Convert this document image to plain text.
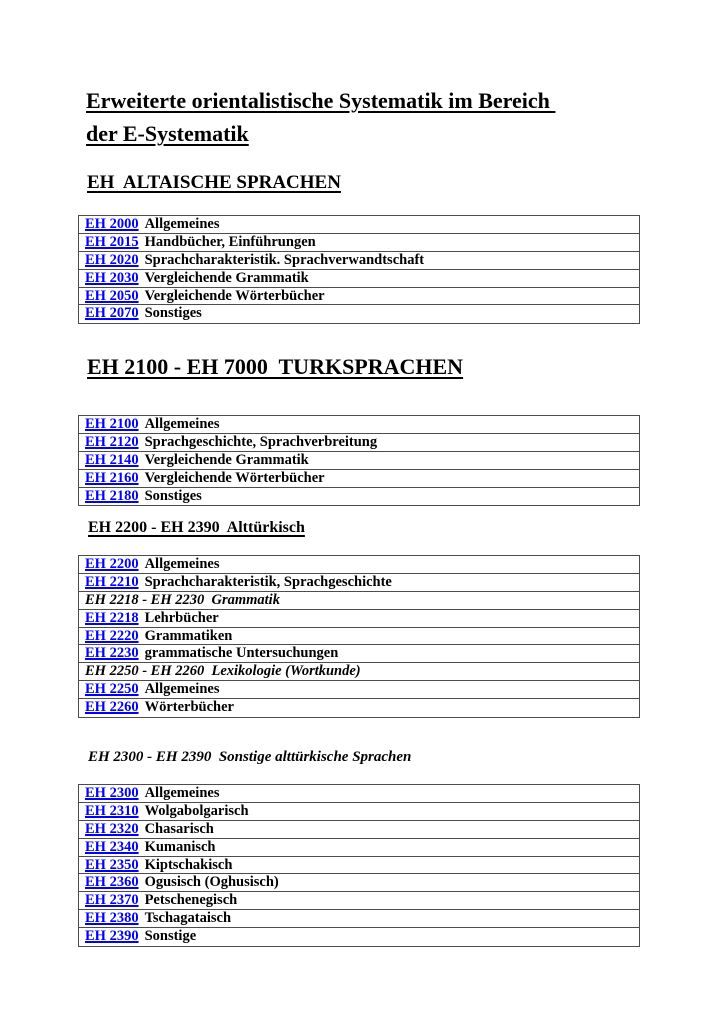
Erweiterte orientalistische Systematik im Bereich
der E-Systematik
EH  ALTAISCHE SPRACHEN
EH 2000 Allgemeines
EH 2015 Handbücher, Einführungen
EH 2020 Sprachcharakteristik. Sprachverwandtschaft
EH 2030 Vergleichende Grammatik
EH 2050 Vergleichende Wörterbücher
EH 2070 Sonstiges
EH 2100 - EH 7000  TURKSPRACHEN
EH 2100 Allgemeines
EH 2120 Sprachgeschichte, Sprachverbreitung
EH 2140 Vergleichende Grammatik
EH 2160 Vergleichende Wörterbücher
EH 2180 Sonstiges
EH 2200 - EH 2390  Alttürkisch
EH 2200 Allgemeines
EH 2210 Sprachcharakteristik, Sprachgeschichte
EH 2218 - EH 2230  Grammatik
EH 2218 Lehrbücher
EH 2220 Grammatiken
EH 2230 grammatische Untersuchungen
EH 2250 - EH 2260  Lexikologie (Wortkunde)
EH 2250 Allgemeines
EH 2260 Wörterbücher
EH 2300 - EH 2390  Sonstige alttürkische Sprachen
EH 2300 Allgemeines
EH 2310 Wolgabolgarisch
EH 2320 Chasarisch
EH 2340 Kumanisch
EH 2350 Kiptschakisch
EH 2360 Ogusisch (Oghusisch)
EH 2370 Petschenegisch
EH 2380 Tschagataisch
EH 2390 Sonstige
